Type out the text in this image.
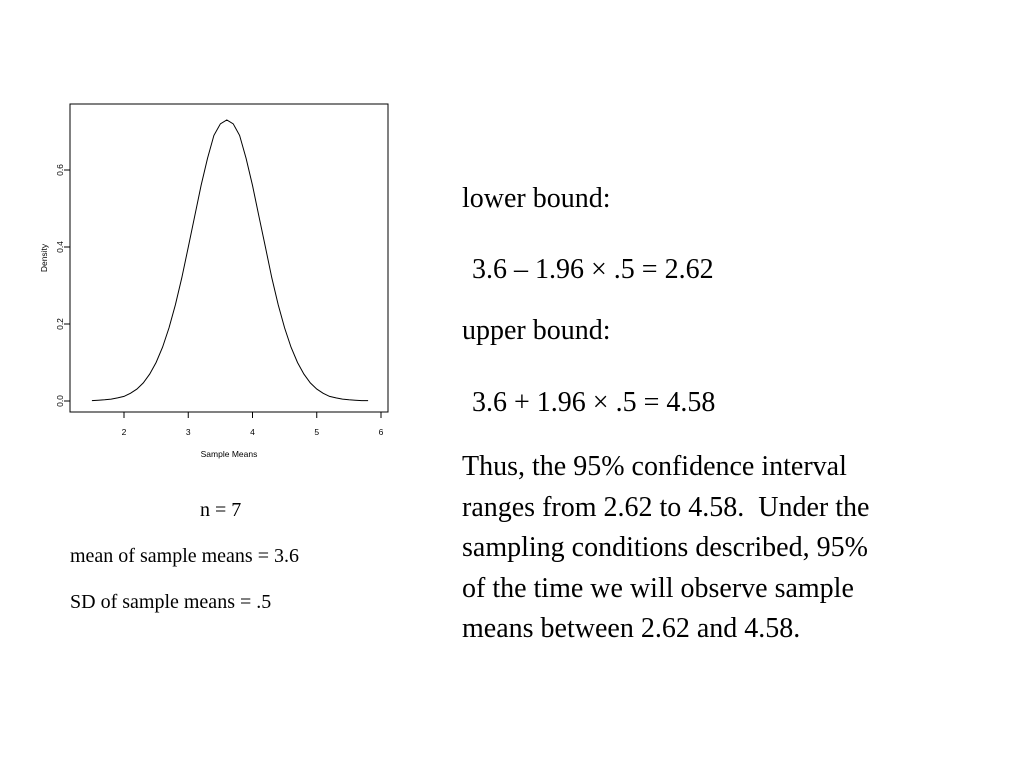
2	3	4	5	6
0.0
0.2
0.4
0.6
Sample Means
Density
n = 7
mean of sample means = 3.6
SD of sample means = .5
lower bound:
3.6 – 1.96 × .5 = 2.62
upper bound:
3.6 + 1.96 × .5 = 4.58
Thus, the 95% confidence interval
ranges from 2.62 to 4.58.  Under the
sampling conditions described, 95%
of the time we will observe sample
means between 2.62 and 4.58.
